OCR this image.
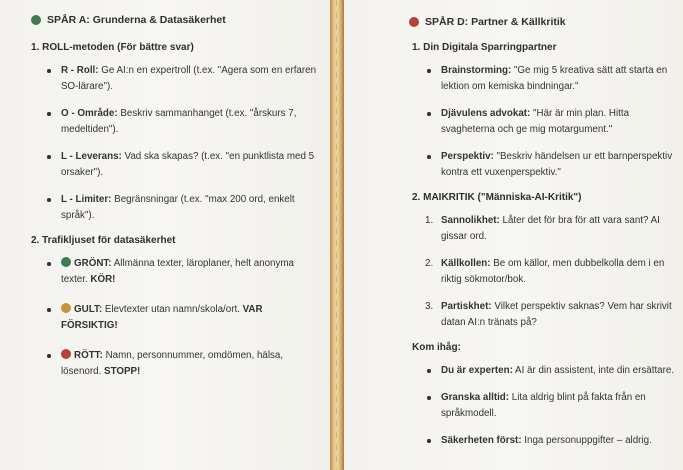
SPÅR A: Grunderna & Datasäkerhet
1. ROLL-metoden (För bättre svar)
R - Roll: Ge AI:n en expertroll (t.ex. "Agera som en erfaren SO-lärare").
O - Område: Beskriv sammanhanget (t.ex. "årskurs 7, medeltiden").
L - Leverans: Vad ska skapas? (t.ex. "en punktlista med 5 orsaker").
L - Limiter: Begränsningar (t.ex. "max 200 ord, enkelt språk").
2. Trafikljuset för datasäkerhet
GRÖNT: Allmänna texter, läroplaner, helt anonyma texter. KÖR!
GULT: Elevtexter utan namn/skola/ort. VAR FÖRSIKTIG!
RÖTT: Namn, personnummer, omdömen, hälsa, lösenord. STOPP!
SPÅR D: Partner & Källkritik
1. Din Digitala Sparringpartner
Brainstorming: "Ge mig 5 kreativa sätt att starta en lektion om kemiska bindningar."
Djävulens advokat: "Här är min plan. Hitta svagheterna och ge mig motargument."
Perspektiv: "Beskriv händelsen ur ett barnperspektiv kontra ett vuxenperspektiv."
2. MAIKRITIK ("Människa-AI-Kritik")
1. Sannolikhet: Låter det för bra för att vara sant? AI gissar ord.
2. Källkollen: Be om källor, men dubbelkolla dem i en riktig sökmotor/bok.
3. Partiskhet: Vilket perspektiv saknas? Vem har skrivit datan AI:n tränats på?
Kom ihåg:
Du är experten: AI är din assistent, inte din ersättare.
Granska alltid: Lita aldrig blint på fakta från en språkmodell.
Säkerheten först: Inga personuppgifter – aldrig.
